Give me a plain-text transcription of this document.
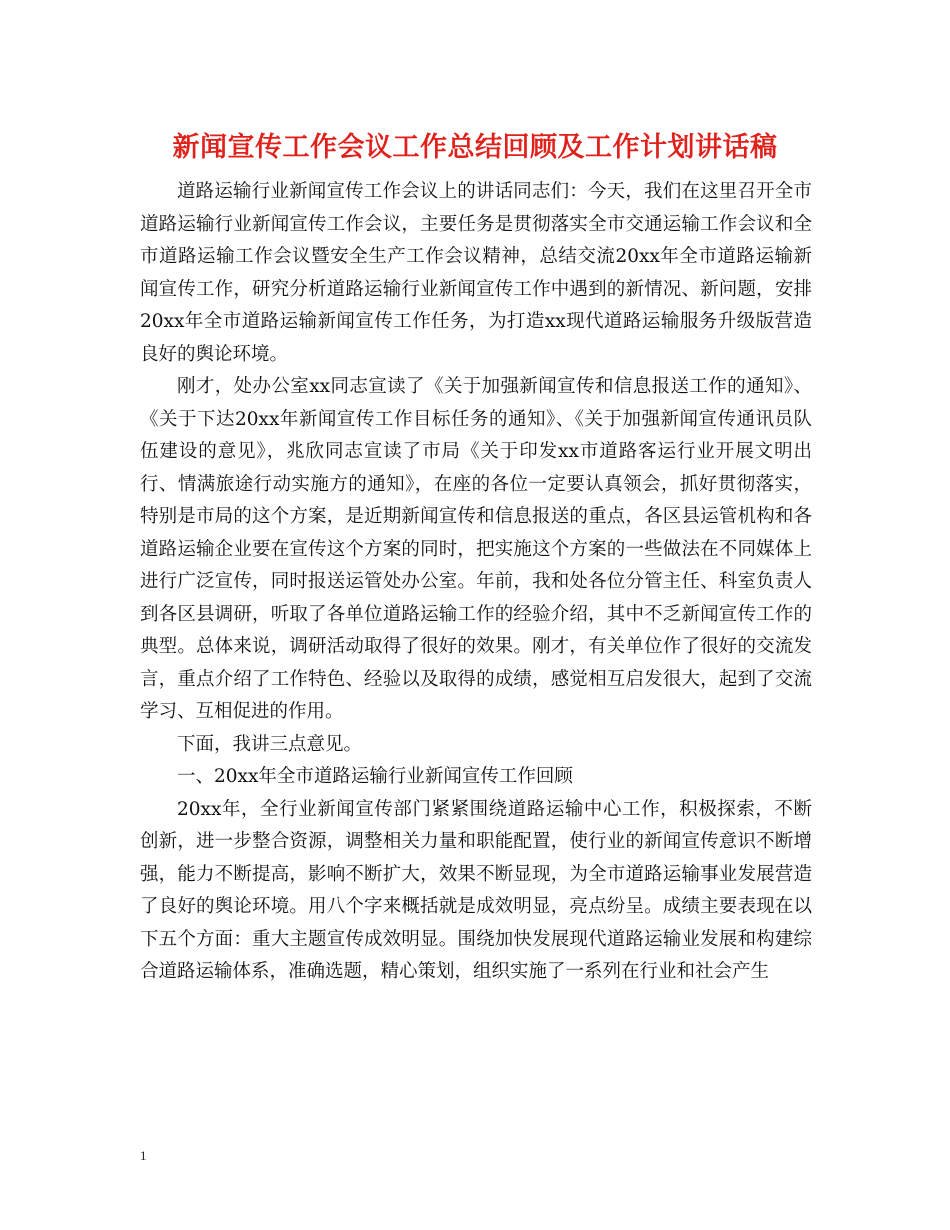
新闻宣传工作会议工作总结回顾及工作计划讲话稿

道路运输行业新闻宣传工作会议上的讲话同志们：今天，我们在这里召开全市道路运输行业新闻宣传工作会议，主要任务是贯彻落实全市交通运输工作会议和全市道路运输工作会议暨安全生产工作会议精神，总结交流20xx年全市道路运输新闻宣传工作，研究分析道路运输行业新闻宣传工作中遇到的新情况、新问题，安排20xx年全市道路运输新闻宣传工作任务，为打造xx现代道路运输服务升级版营造良好的舆论环境。

刚才，处办公室xx同志宣读了《关于加强新闻宣传和信息报送工作的通知》、《关于下达20xx年新闻宣传工作目标任务的通知》、《关于加强新闻宣传通讯员队伍建设的意见》，兆欣同志宣读了市局《关于印发xx市道路客运行业开展文明出行、情满旅途行动实施方的通知》，在座的各位一定要认真领会，抓好贯彻落实，特别是市局的这个方案，是近期新闻宣传和信息报送的重点，各区县运管机构和各道路运输企业要在宣传这个方案的同时，把实施这个方案的一些做法在不同媒体上进行广泛宣传，同时报送运管处办公室。年前，我和处各位分管主任、科室负责人到各区县调研，听取了各单位道路运输工作的经验介绍，其中不乏新闻宣传工作的典型。总体来说，调研活动取得了很好的效果。刚才，有关单位作了很好的交流发言，重点介绍了工作特色、经验以及取得的成绩，感觉相互启发很大，起到了交流学习、互相促进的作用。

下面，我讲三点意见。

一、20xx年全市道路运输行业新闻宣传工作回顾

20xx年，全行业新闻宣传部门紧紧围绕道路运输中心工作，积极探索，不断创新，进一步整合资源，调整相关力量和职能配置，使行业的新闻宣传意识不断增强，能力不断提高，影响不断扩大，效果不断显现，为全市道路运输事业发展营造了良好的舆论环境。用八个字来概括就是成效明显，亮点纷呈。成绩主要表现在以下五个方面：重大主题宣传成效明显。围绕加快发展现代道路运输业发展和构建综合道路运输体系，准确选题，精心策划，组织实施了一系列在行业和社会产生

1
